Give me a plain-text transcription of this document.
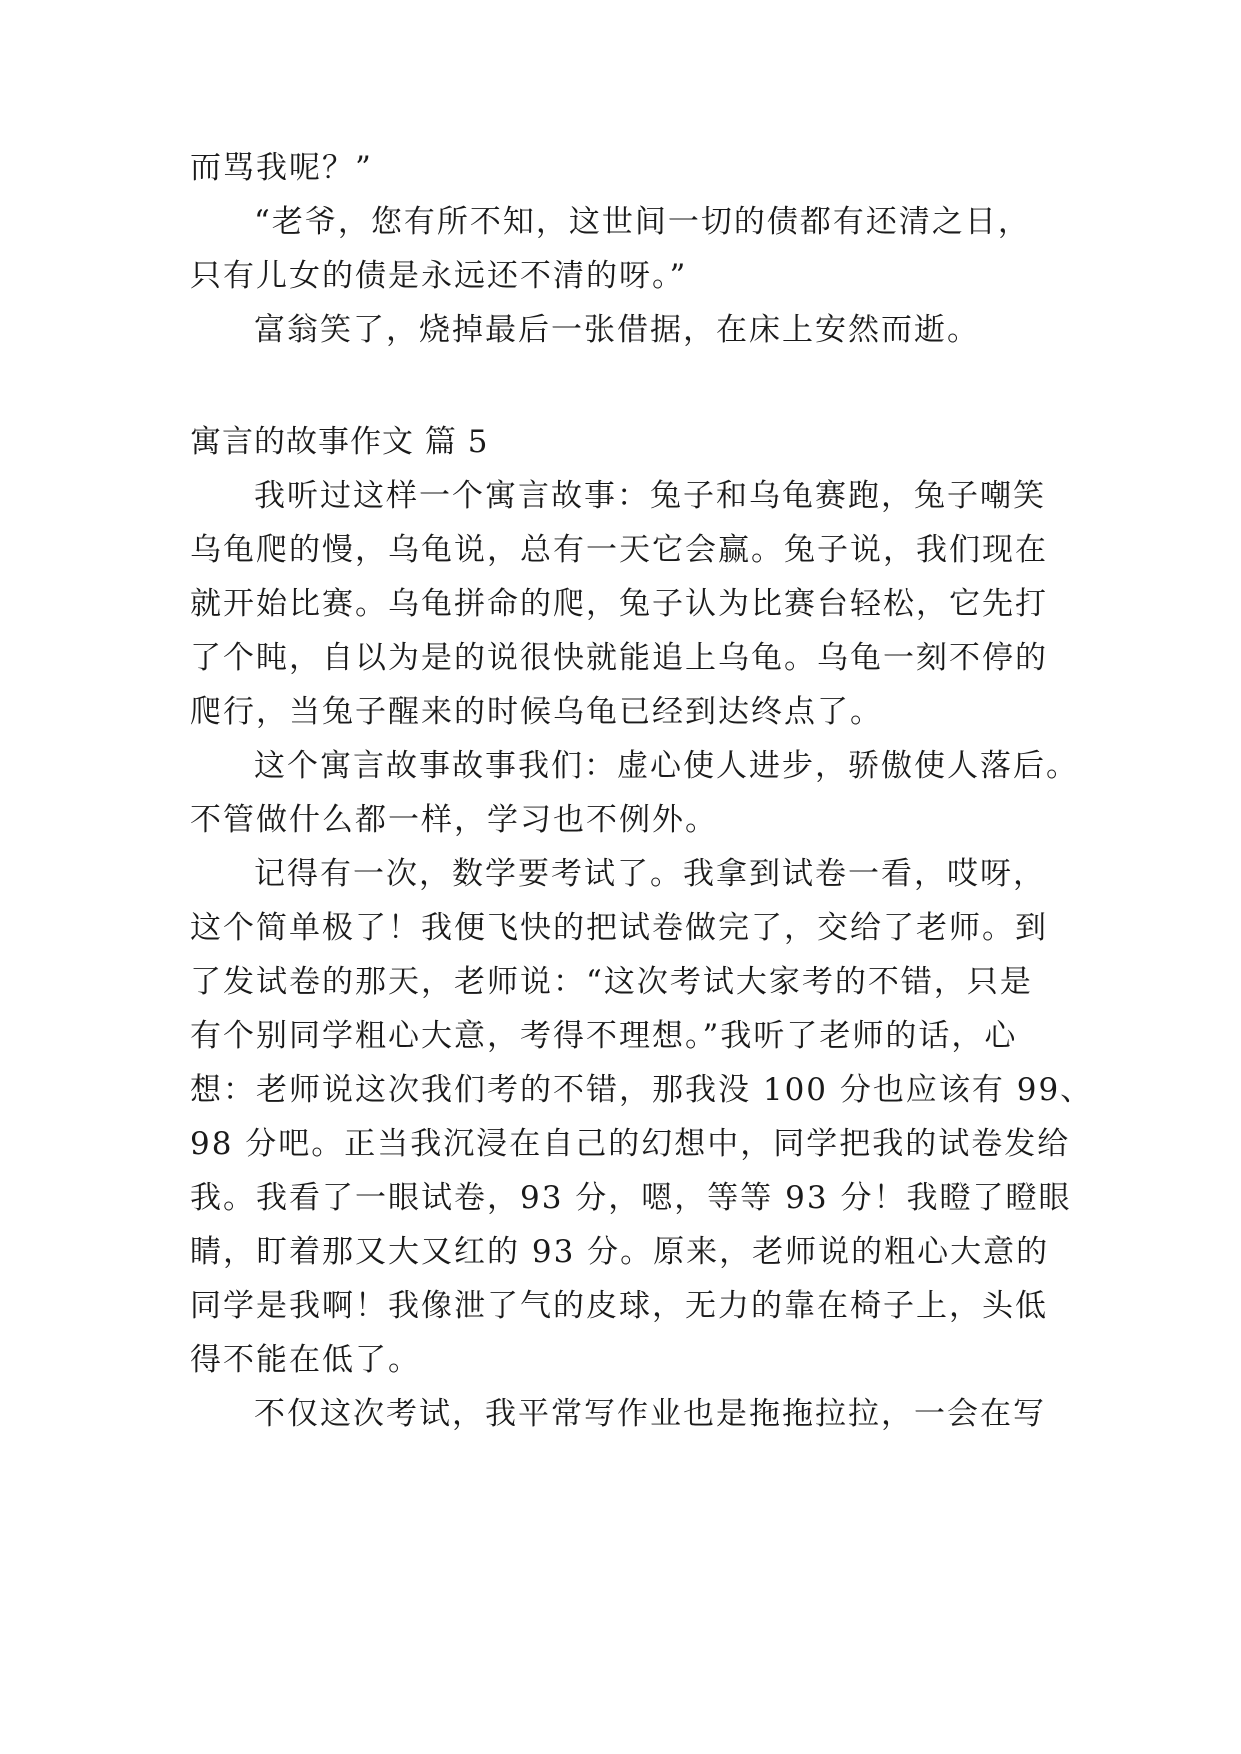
而骂我呢？”
“老爷，您有所不知，这世间一切的债都有还清之日，
只有儿女的债是永远还不清的呀。”
富翁笑了，烧掉最后一张借据，在床上安然而逝。
寓言的故事作文 篇 5
我听过这样一个寓言故事：兔子和乌龟赛跑，兔子嘲笑
乌龟爬的慢，乌龟说，总有一天它会赢。兔子说，我们现在
就开始比赛。乌龟拼命的爬，兔子认为比赛台轻松，它先打
了个盹，自以为是的说很快就能追上乌龟。乌龟一刻不停的
爬行，当兔子醒来的时候乌龟已经到达终点了。
这个寓言故事故事我们：虚心使人进步，骄傲使人落后。
不管做什么都一样，学习也不例外。
记得有一次，数学要考试了。我拿到试卷一看，哎呀，
这个简单极了！我便飞快的把试卷做完了，交给了老师。到
了发试卷的那天，老师说：“这次考试大家考的不错，只是
有个别同学粗心大意，考得不理想。”我听了老师的话，心
想：老师说这次我们考的不错，那我没 100 分也应该有 99、
98 分吧。正当我沉浸在自己的幻想中，同学把我的试卷发给
我。我看了一眼试卷，93 分，嗯，等等 93 分！我瞪了瞪眼
睛，盯着那又大又红的 93 分。原来，老师说的粗心大意的
同学是我啊！我像泄了气的皮球，无力的靠在椅子上，头低
得不能在低了。
不仅这次考试，我平常写作业也是拖拖拉拉，一会在写
